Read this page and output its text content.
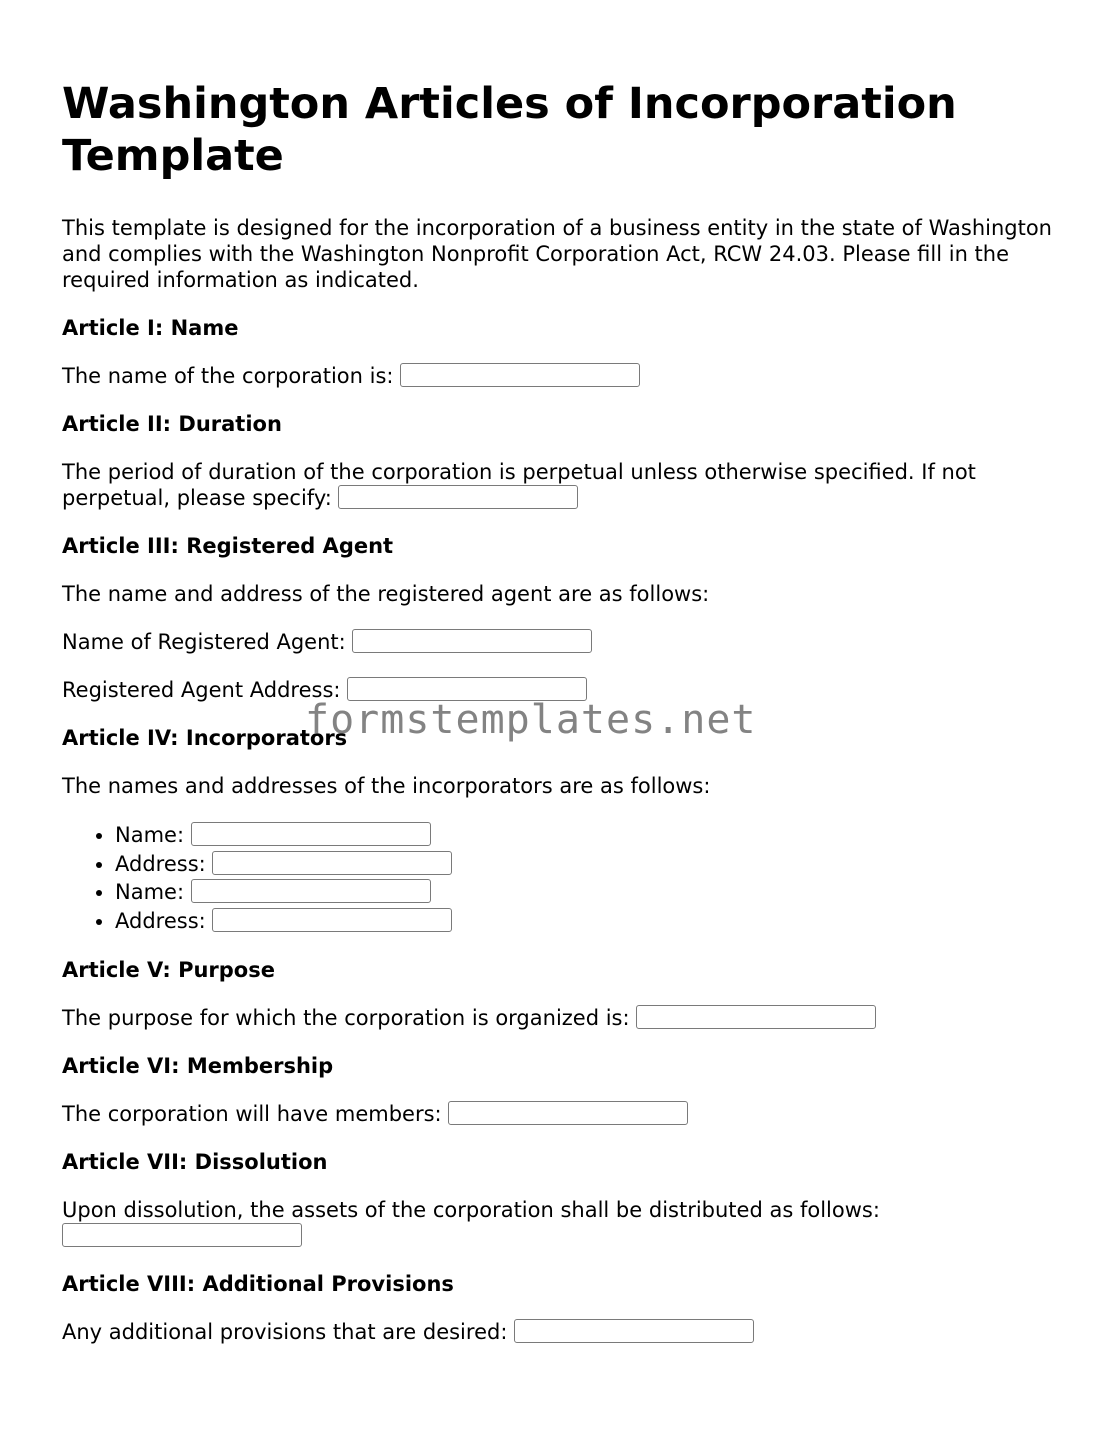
Washington Articles of Incorporation Template

This template is designed for the incorporation of a business entity in the state of Washington and complies with the Washington Nonprofit Corporation Act, RCW 24.03. Please fill in the required information as indicated.

Article I: Name

The name of the corporation is:

Article II: Duration

The period of duration of the corporation is perpetual unless otherwise specified. If not perpetual, please specify:

Article III: Registered Agent

The name and address of the registered agent are as follows:

Name of Registered Agent:

Registered Agent Address:

Article IV: Incorporators

The names and addresses of the incorporators are as follows:

• Name:
• Address:
• Name:
• Address:
Article V: Purpose

The purpose for which the corporation is organized is:

Article VI: Membership

The corporation will have members:

Article VII: Dissolution

Upon dissolution, the assets of the corporation shall be distributed as follows:

Article VIII: Additional Provisions

Any additional provisions that are desired:

formstemplates.net
